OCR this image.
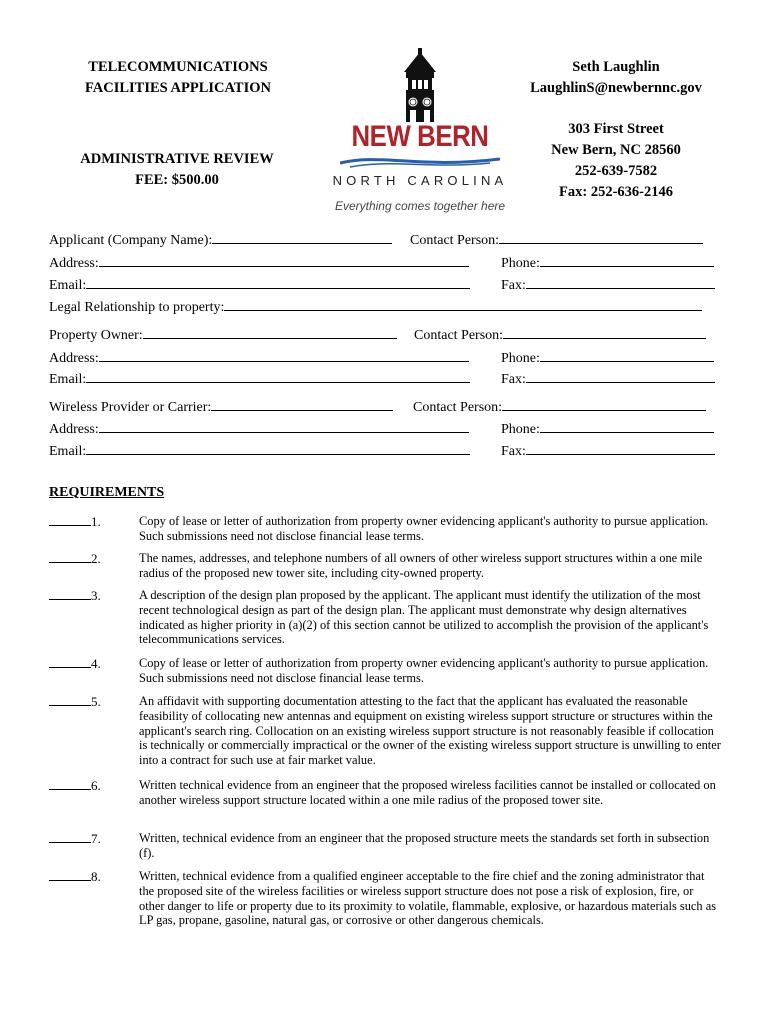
TELECOMMUNICATIONS
FACILITIES APPLICATION
ADMINISTRATIVE REVIEW
FEE: $500.00
NEW BERN
NORTH CAROLINA
Everything comes together here
Seth Laughlin
LaughlinS@newbernnc.gov
303 First Street
New Bern, NC 28560
252-639-7582
Fax: 252-636-2146
Applicant (Company Name):	Contact Person:
Address:	Phone:
Email:	Fax:
Legal Relationship to property:
Property Owner:	Contact Person:
Address:	Phone:
Email:	Fax:
Wireless Provider or Carrier:	Contact Person:
Address:	Phone:
Email:	Fax:
REQUIREMENTS
1.	Copy of lease or letter of authorization from property owner evidencing applicant's authority to pursue application. Such submissions need not disclose financial lease terms.
2.	The names, addresses, and telephone numbers of all owners of other wireless support structures within a one mile radius of the proposed new tower site, including city-owned property.
3.	A description of the design plan proposed by the applicant. The applicant must identify the utilization of the most recent technological design as part of the design plan. The applicant must demonstrate why design alternatives indicated as higher priority in (a)(2) of this section cannot be utilized to accomplish the provision of the applicant's telecommunications services.
4.	Copy of lease or letter of authorization from property owner evidencing applicant's authority to pursue application. Such submissions need not disclose financial lease terms.
5.	An affidavit with supporting documentation attesting to the fact that the applicant has evaluated the reasonable feasibility of collocating new antennas and equipment on existing wireless support structure or structures within the applicant's search ring. Collocation on an existing wireless support structure is not reasonably feasible if collocation is technically or commercially impractical or the owner of the existing wireless support structure is unwilling to enter into a contract for such use at fair market value.
6.	Written technical evidence from an engineer that the proposed wireless facilities cannot be installed or collocated on another wireless support structure located within a one mile radius of the proposed tower site.
7.	Written, technical evidence from an engineer that the proposed structure meets the standards set forth in subsection (f).
8.	Written, technical evidence from a qualified engineer acceptable to the fire chief and the zoning administrator that the proposed site of the wireless facilities or wireless support structure does not pose a risk of explosion, fire, or other danger to life or property due to its proximity to volatile, flammable, explosive, or hazardous materials such as LP gas, propane, gasoline, natural gas, or corrosive or other dangerous chemicals.
